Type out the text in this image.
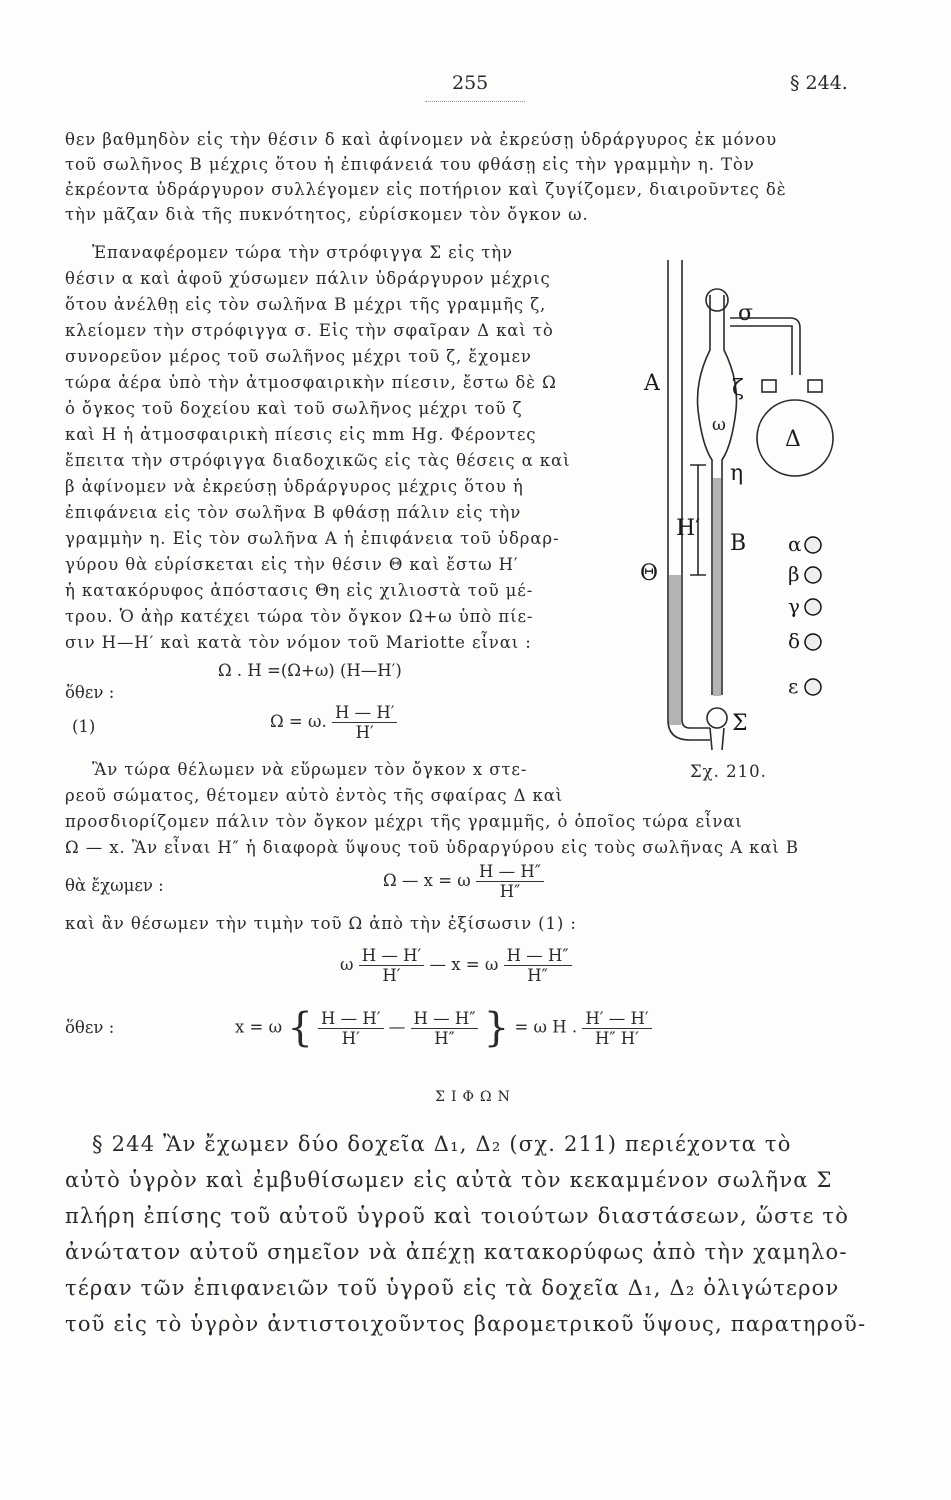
255	§ 244.
θεν βαθμηδὸν εἰς τὴν θέσιν δ καὶ ἀφίνομεν νὰ ἐκρεύσῃ ὑδράργυρος ἐκ μόνου
τοῦ σωλῆνος Β μέχρις ὅτου ἡ ἐπιφάνειά του φθάσῃ εἰς τὴν γραμμὴν η. Τὸν
ἐκρέοντα ὑδράργυρον συλλέγομεν εἰς ποτήριον καὶ ζυγίζομεν, διαιροῦντες δὲ
τὴν μᾶζαν διὰ τῆς πυκνότητος, εὑρίσκομεν τὸν ὄγκον ω.
Ἐπαναφέρομεν τώρα τὴν στρόφιγγα Σ εἰς τὴν
θέσιν α καὶ ἀφοῦ χύσωμεν πάλιν ὑδράργυρον μέχρις
ὅτου ἀνέλθῃ εἰς τὸν σωλῆνα Β μέχρι τῆς γραμμῆς ζ,
κλείομεν τὴν στρόφιγγα σ. Εἰς τὴν σφαῖραν Δ καὶ τὸ
συνορεῦον μέρος τοῦ σωλῆνος μέχρι τοῦ ζ, ἔχομεν
τώρα ἀέρα ὑπὸ τὴν ἀτμοσφαιρικὴν πίεσιν, ἔστω δὲ Ω
ὁ ὄγκος τοῦ δοχείου καὶ τοῦ σωλῆνος μέχρι τοῦ ζ
καὶ Η ἡ ἀτμοσφαιρικὴ πίεσις εἰς mm Hg. Φέροντες
ἔπειτα τὴν στρόφιγγα διαδοχικῶς εἰς τὰς θέσεις α καὶ
β ἀφίνομεν νὰ ἐκρεύσῃ ὑδράργυρος μέχρις ὅτου ἡ
ἐπιφάνεια εἰς τὸν σωλῆνα Β φθάσῃ πάλιν εἰς τὴν
γραμμὴν η. Εἰς τὸν σωλῆνα Α ἡ ἐπιφάνεια τοῦ ὑδραρ-
γύρου θὰ εὑρίσκεται εἰς τὴν θέσιν Θ καὶ ἔστω Η′
ἡ κατακόρυφος ἀπόστασις Θη εἰς χιλιοστὰ τοῦ μέ-
τρου. Ὁ ἀὴρ κατέχει τώρα τὸν ὄγκον Ω+ω ὑπὸ πίε-
σιν Η—Η′ καὶ κατὰ τὸν νόμον τοῦ Mariotte εἶναι :
Ω . Η =(Ω+ω) (Η—Η′)
ὅθεν :
(1)	Ω = ω. $\frac{H — H'}{H'}$
Ἂν τώρα θέλωμεν νὰ εὕρωμεν τὸν ὄγκον x στε-
ρεοῦ σώματος, θέτομεν αὐτὸ ἐντὸς τῆς σφαίρας Δ καὶ
προσδιορίζομεν πάλιν τὸν ὄγκον μέχρι τῆς γραμμῆς, ὁ ὁποῖος τώρα εἶναι
Ω — x. Ἂν εἶναι Η″ ἡ διαφορὰ ὕψους τοῦ ὑδραργύρου εἰς τοὺς σωλῆνας Α καὶ Β
θὰ ἔχωμεν :	Ω — x = ω $\frac{H — H''}{H''}$
καὶ ἂν θέσωμεν τὴν τιμὴν τοῦ Ω ἀπὸ τὴν ἐξίσωσιν (1) :
ω $\frac{H — H'}{H'}$ — x = ω $\frac{H — H''}{H''}$
ὅθεν :	x = ω { $\frac{H — H'}{H'}$ — $\frac{H — H''}{H''}$ } = ω Η . $\frac{H' — H'}{H'' H'}$
ΣΙΦΩΝ
§ 244 Ἂν ἔχωμεν δύο δοχεῖα Δ₁, Δ₂ (σχ. 211) περιέχοντα τὸ
αὐτὸ ὑγρὸν καὶ ἐμβυθίσωμεν εἰς αὐτὰ τὸν κεκαμμένον σωλῆνα Σ
πλήρη ἐπίσης τοῦ αὐτοῦ ὑγροῦ καὶ τοιούτων διαστάσεων, ὥστε τὸ
ἀνώτατον αὐτοῦ σημεῖον νὰ ἀπέχῃ κατακορύφως ἀπὸ τὴν χαμηλο-
τέραν τῶν ἐπιφανειῶν τοῦ ὑγροῦ εἰς τὰ δοχεῖα Δ₁, Δ₂ ὀλιγώτερον
τοῦ εἰς τὸ ὑγρὸν ἀντιστοιχοῦντος βαρομετρικοῦ ὕψους, παρατηροῦ-
Α
σ
ζ
ω
η
Δ
Η′
Β
Θ
Σ
α
β
γ
δ
ε
Σχ. 210.
